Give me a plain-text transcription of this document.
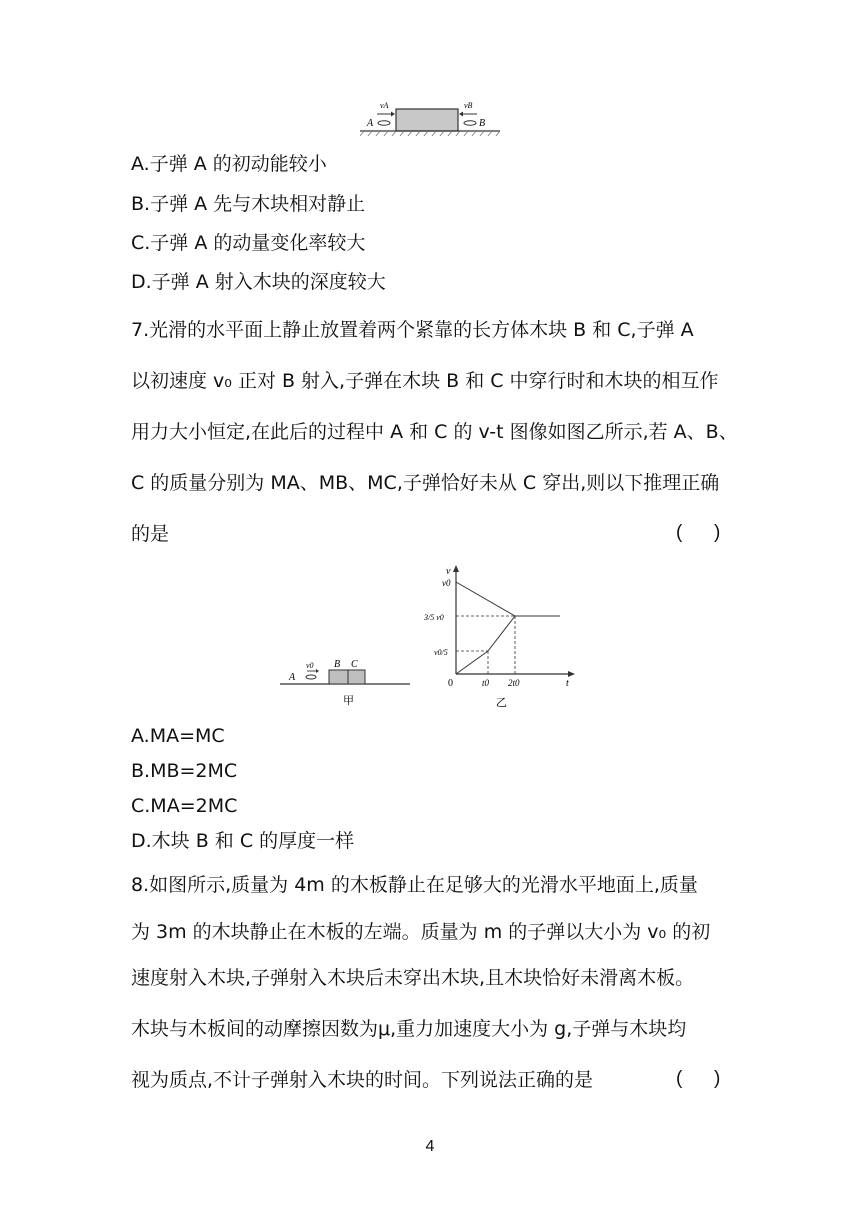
A	B
vA	vB
A.子弹 A 的初动能较小
B.子弹 A 先与木块相对静止
C.子弹 A 的动量变化率较大
D.子弹 A 射入木块的深度较大
7.光滑的水平面上静止放置着两个紧靠的长方体木块 B 和 C,子弹 A
以初速度 v₀ 正对 B 射入,子弹在木块 B 和 C 中穿行时和木块的相互作
用力大小恒定,在此后的过程中 A 和 C 的 v-t 图像如图乙所示,若 A、B、
C 的质量分别为 MA、MB、MC,子弹恰好未从 C 穿出,则以下推理正确
的是	(      )
A
v0 B C
甲
v
t
0
v0
3/5 v0
v0/5
t0 2t0
乙
A.MA=MC
B.MB=2MC
C.MA=2MC
D.木块 B 和 C 的厚度一样
8.如图所示,质量为 4m 的木板静止在足够大的光滑水平地面上,质量
为 3m 的木块静止在木板的左端。质量为 m 的子弹以大小为 v₀ 的初
速度射入木块,子弹射入木块后未穿出木块,且木块恰好未滑离木板。
木块与木板间的动摩擦因数为μ,重力加速度大小为 g,子弹与木块均
视为质点,不计子弹射入木块的时间。下列说法正确的是	(      )
4
